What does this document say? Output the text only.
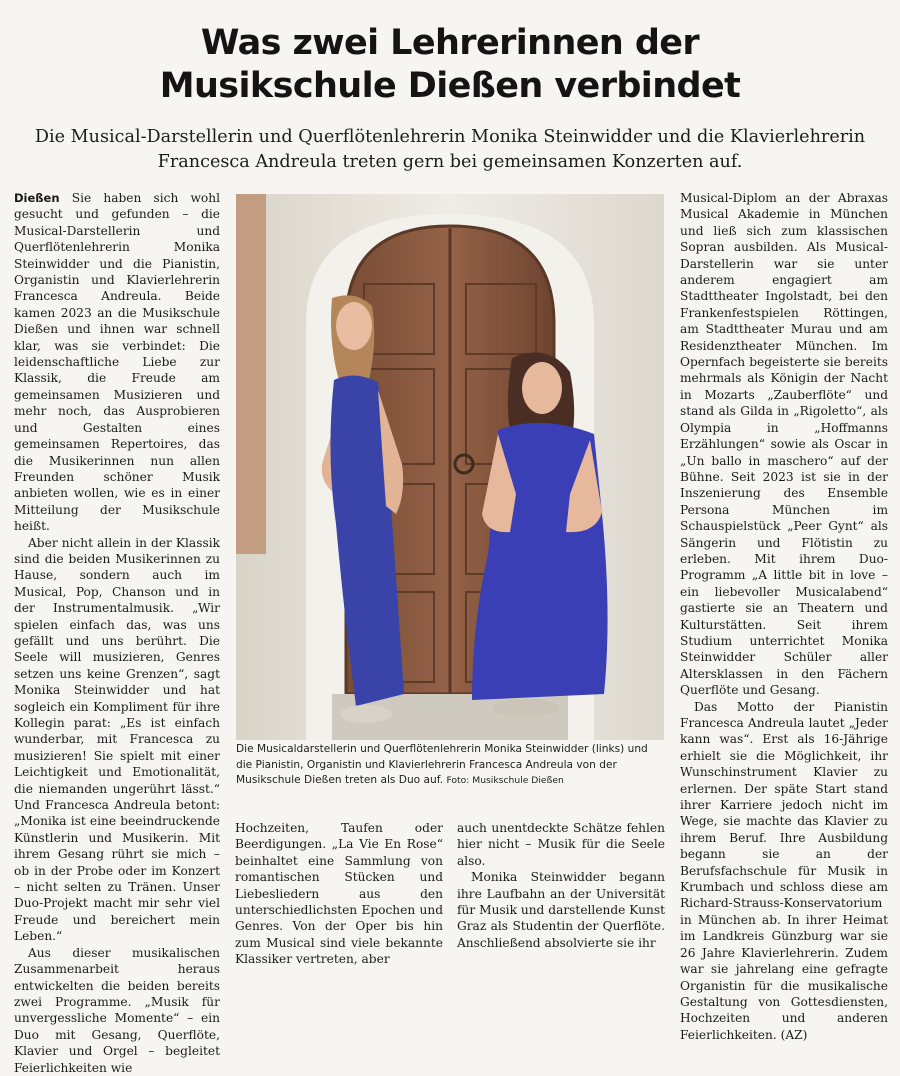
Was zwei Lehrerinnen der
Musikschule Dießen verbindet
Die Musical-Darstellerin und Querflötenlehrerin Monika Steinwidder und die Klavierlehrerin
Francesca Andreula treten gern bei gemeinsamen Konzerten auf.

Dießen Sie haben sich wohl gesucht und gefunden – die Musical-Darstellerin und Querflötenlehrerin Monika Steinwidder und die Pianistin, Organistin und Klavierlehrerin Francesca Andreula. Beide kamen 2023 an die Musikschule Dießen und ihnen war schnell klar, was sie verbindet: Die leidenschaftliche Liebe zur Klassik, die Freude am gemeinsamen Musizieren und mehr noch, das Ausprobieren und Gestalten eines gemeinsamen Repertoires, das die Musikerinnen nun allen Freunden schöner Musik anbieten wollen, wie es in einer Mitteilung der Musikschule heißt.

Aber nicht allein in der Klassik sind die beiden Musikerinnen zu Hause, sondern auch im Musical, Pop, Chanson und in der Instrumentalmusik. „Wir spielen einfach das, was uns gefällt und uns berührt. Die Seele will musizieren, Genres setzen uns keine Grenzen“, sagt Monika Steinwidder und hat sogleich ein Kompliment für ihre Kollegin parat: „Es ist einfach wunderbar, mit Francesca zu musizieren! Sie spielt mit einer Leichtigkeit und Emotionalität, die niemanden ungerührt lässt.“ Und Francesca Andreula betont: „Monika ist eine beeindruckende Künstlerin und Musikerin. Mit ihrem Gesang rührt sie mich – ob in der Probe oder im Konzert – nicht selten zu Tränen. Unser Duo-Projekt macht mir sehr viel Freude und bereichert mein Leben.“

Aus dieser musikalischen Zusammenarbeit heraus entwickelten die beiden bereits zwei Programme. „Musik für unvergessliche Momente“ – ein Duo mit Gesang, Querflöte, Klavier und Orgel – begleitet Feierlichkeiten wie

Die Musicaldarstellerin und Querflötenlehrerin Monika Steinwidder (links) und die Pianistin, Organistin und Klavierlehrerin Francesca Andreula von der Musikschule Dießen treten als Duo auf. Foto: Musikschule Dießen

Hochzeiten, Taufen oder Beerdigungen. „La Vie En Rose“ beinhaltet eine Sammlung von romantischen Stücken und Liebesliedern aus den unterschiedlichsten Epochen und Genres. Von der Oper bis hin zum Musical sind viele bekannte Klassiker vertreten, aber

auch unentdeckte Schätze fehlen hier nicht – Musik für die Seele also.

Monika Steinwidder begann ihre Laufbahn an der Universität für Musik und darstellende Kunst Graz als Studentin der Querflöte. Anschließend absolvierte sie ihr

Musical-Diplom an der Abraxas Musical Akademie in München und ließ sich zum klassischen Sopran ausbilden. Als Musical-Darstellerin war sie unter anderem engagiert am Stadttheater Ingolstadt, bei den Frankenfestspielen Röttingen, am Stadttheater Murau und am Residenztheater München. Im Opernfach begeisterte sie bereits mehrmals als Königin der Nacht in Mozarts „Zauberflöte“ und stand als Gilda in „Rigoletto“, als Olympia in „Hoffmanns Erzählungen“ sowie als Oscar in „Un ballo in maschero“ auf der Bühne. Seit 2023 ist sie in der Inszenierung des Ensemble Persona München im Schauspielstück „Peer Gynt“ als Sängerin und Flötistin zu erleben. Mit ihrem Duo-Programm „A little bit in love – ein liebevoller Musicalabend“ gastierte sie an Theatern und Kulturstätten. Seit ihrem Studium unterrichtet Monika Steinwidder Schüler aller Altersklassen in den Fächern Querflöte und Gesang.

Das Motto der Pianistin Francesca Andreula lautet „Jeder kann was“. Erst als 16-Jährige erhielt sie die Möglichkeit, ihr Wunschinstrument Klavier zu erlernen. Der späte Start stand ihrer Karriere jedoch nicht im Wege, sie machte das Klavier zu ihrem Beruf. Ihre Ausbildung begann sie an der Berufsfachschule für Musik in Krumbach und schloss diese am Richard-Strauss-Konservatorium in München ab. In ihrer Heimat im Landkreis Günzburg war sie 26 Jahre Klavierlehrerin. Zudem war sie jahrelang eine gefragte Organistin für die musikalische Gestaltung von Gottesdiensten, Hochzeiten und anderen Feierlichkeiten. (AZ)
